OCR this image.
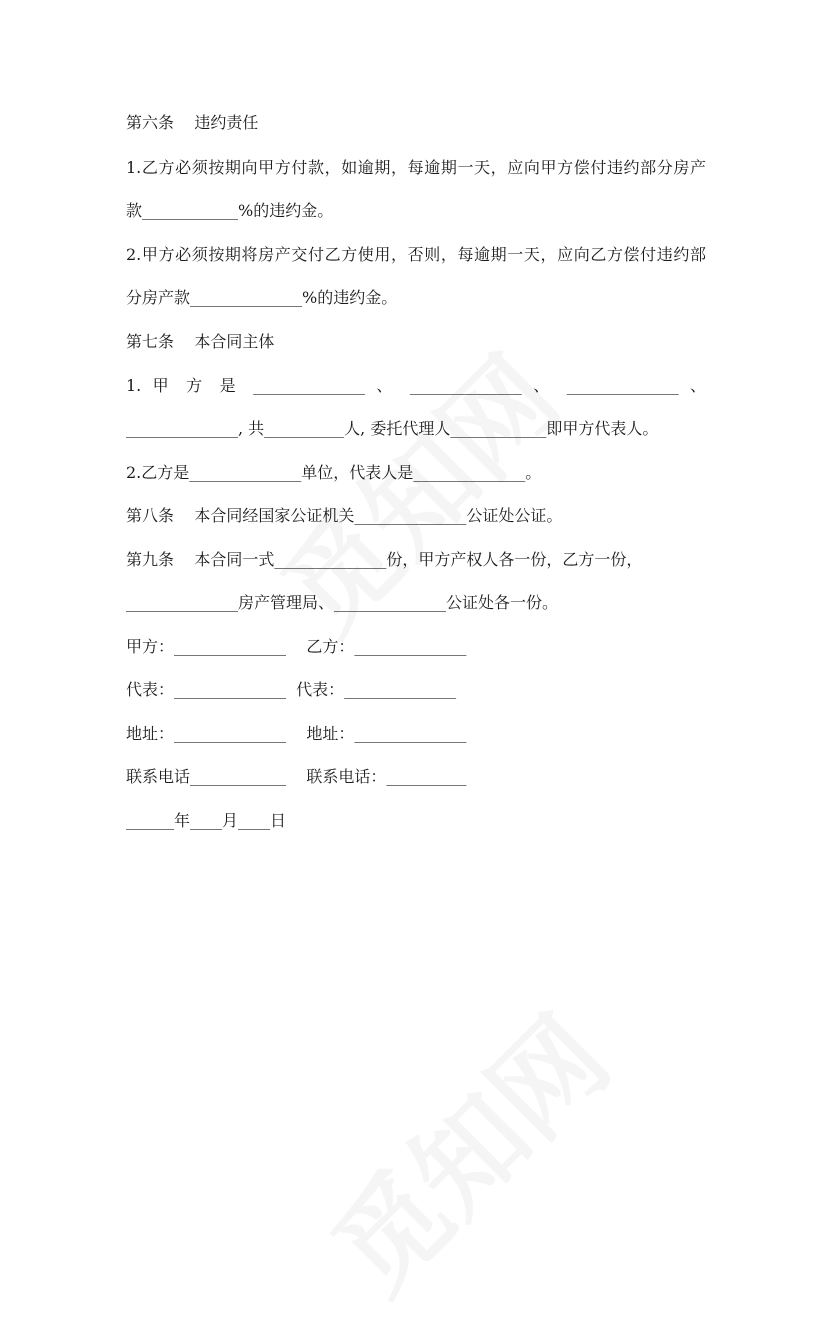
第六条    违约责任
1.乙方必须按期向甲方付款，如逾期，每逾期一天，应向甲方偿付违约部分房产
款____________%的违约金。
2.甲方必须按期将房产交付乙方使用，否则，每逾期一天，应向乙方偿付违约部
分房产款______________%的违约金。
第七条    本合同主体
1. 甲 方 是 ______________ 、 ______________ 、 ______________ 、
______________, 共__________人, 委托代理人____________即甲方代表人。
2.乙方是______________单位，代表人是______________。
第八条    本合同经国家公证机关______________公证处公证。
第九条    本合同一式______________份，甲方产权人各一份，乙方一份，
______________房产管理局、______________公证处各一份。
甲方：______________    乙方：______________
代表：______________  代表：______________
地址：______________    地址：______________
联系电话____________    联系电话：__________
______年____月____日
